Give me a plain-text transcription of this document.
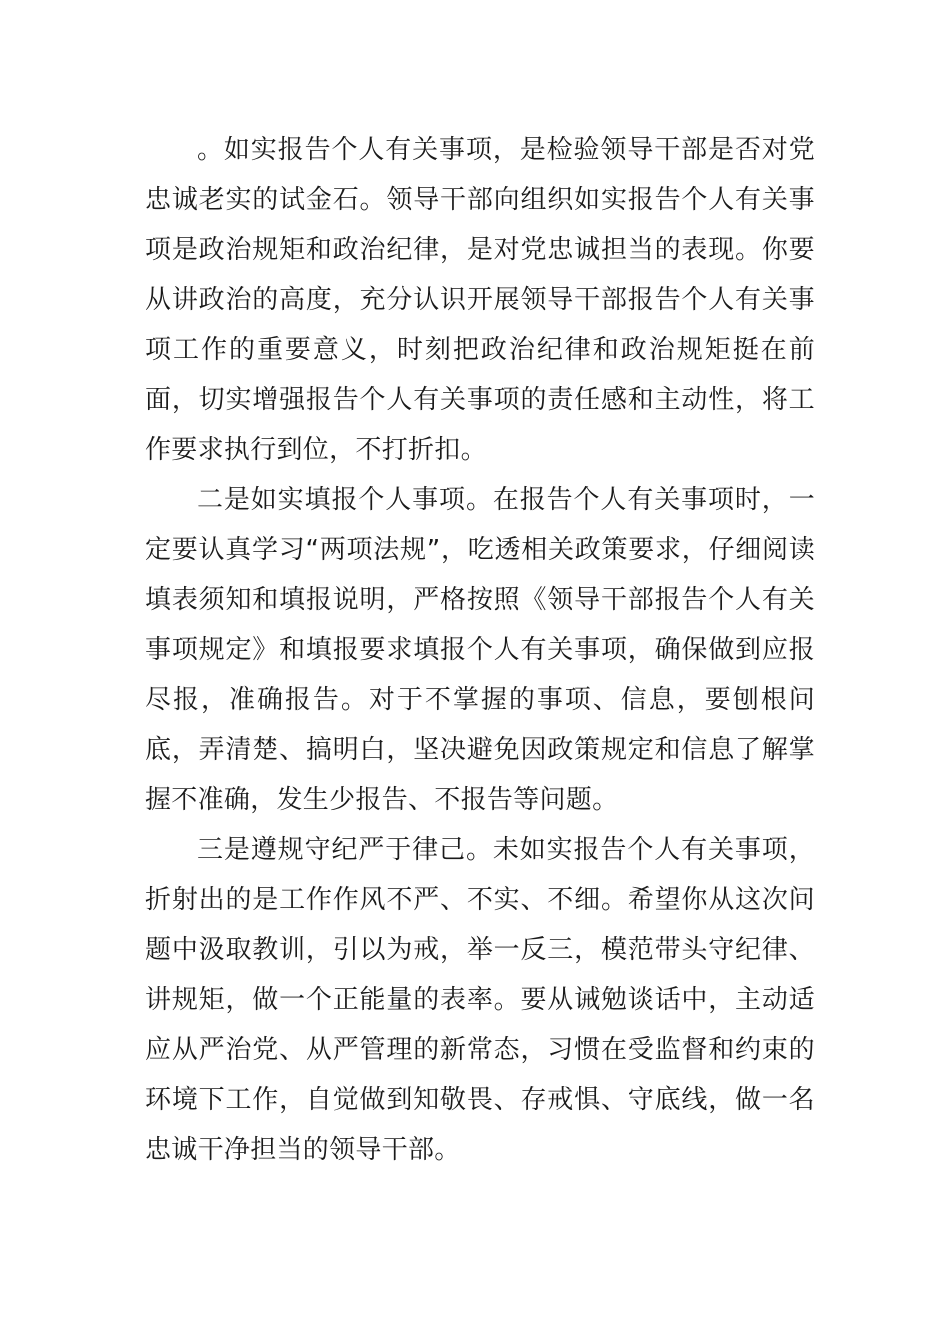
。如实报告个人有关事项，是检验领导干部是否对党忠诚老实的试金石。领导干部向组织如实报告个人有关事项是政治规矩和政治纪律，是对党忠诚担当的表现。你要从讲政治的高度，充分认识开展领导干部报告个人有关事项工作的重要意义，时刻把政治纪律和政治规矩挺在前面，切实增强报告个人有关事项的责任感和主动性，将工作要求执行到位，不打折扣。

二是如实填报个人事项。在报告个人有关事项时，一定要认真学习“两项法规”，吃透相关政策要求，仔细阅读填表须知和填报说明，严格按照《领导干部报告个人有关事项规定》和填报要求填报个人有关事项，确保做到应报尽报，准确报告。对于不掌握的事项、信息，要刨根问底，弄清楚、搞明白，坚决避免因政策规定和信息了解掌握不准确，发生少报告、不报告等问题。

三是遵规守纪严于律己。未如实报告个人有关事项，折射出的是工作作风不严、不实、不细。希望你从这次问题中汲取教训，引以为戒，举一反三，模范带头守纪律、讲规矩，做一个正能量的表率。要从诫勉谈话中，主动适应从严治党、从严管理的新常态，习惯在受监督和约束的环境下工作，自觉做到知敬畏、存戒惧、守底线，做一名忠诚干净担当的领导干部。
